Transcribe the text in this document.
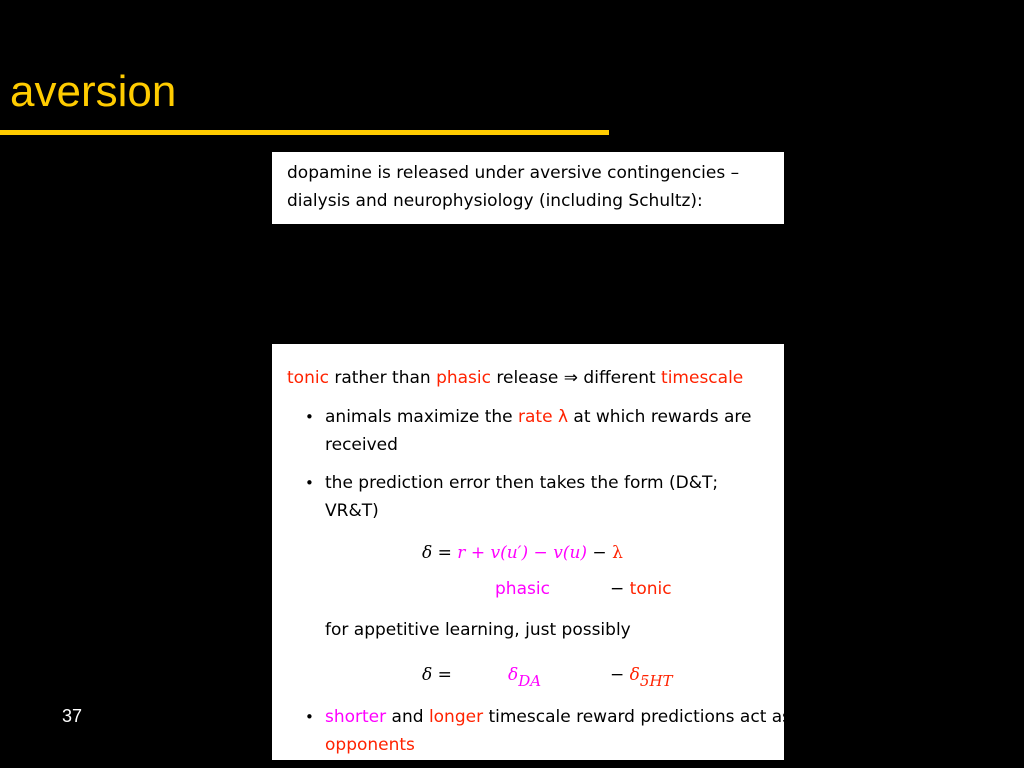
aversion
dopamine is released under aversive contingencies –
dialysis and neurophysiology (including Schultz):
tonic rather than phasic release ⇒ different timescale
• animals maximize the rate λ at which rewards are
received
• the prediction error then takes the form (D&T;
VR&T)
δ = r + v(u′) − v(u) − λ
phasic	− tonic
for appetitive learning, just possibly
δ =	δDA	− δ5HT
• shorter and longer timescale reward predictions act as
opponents
37
